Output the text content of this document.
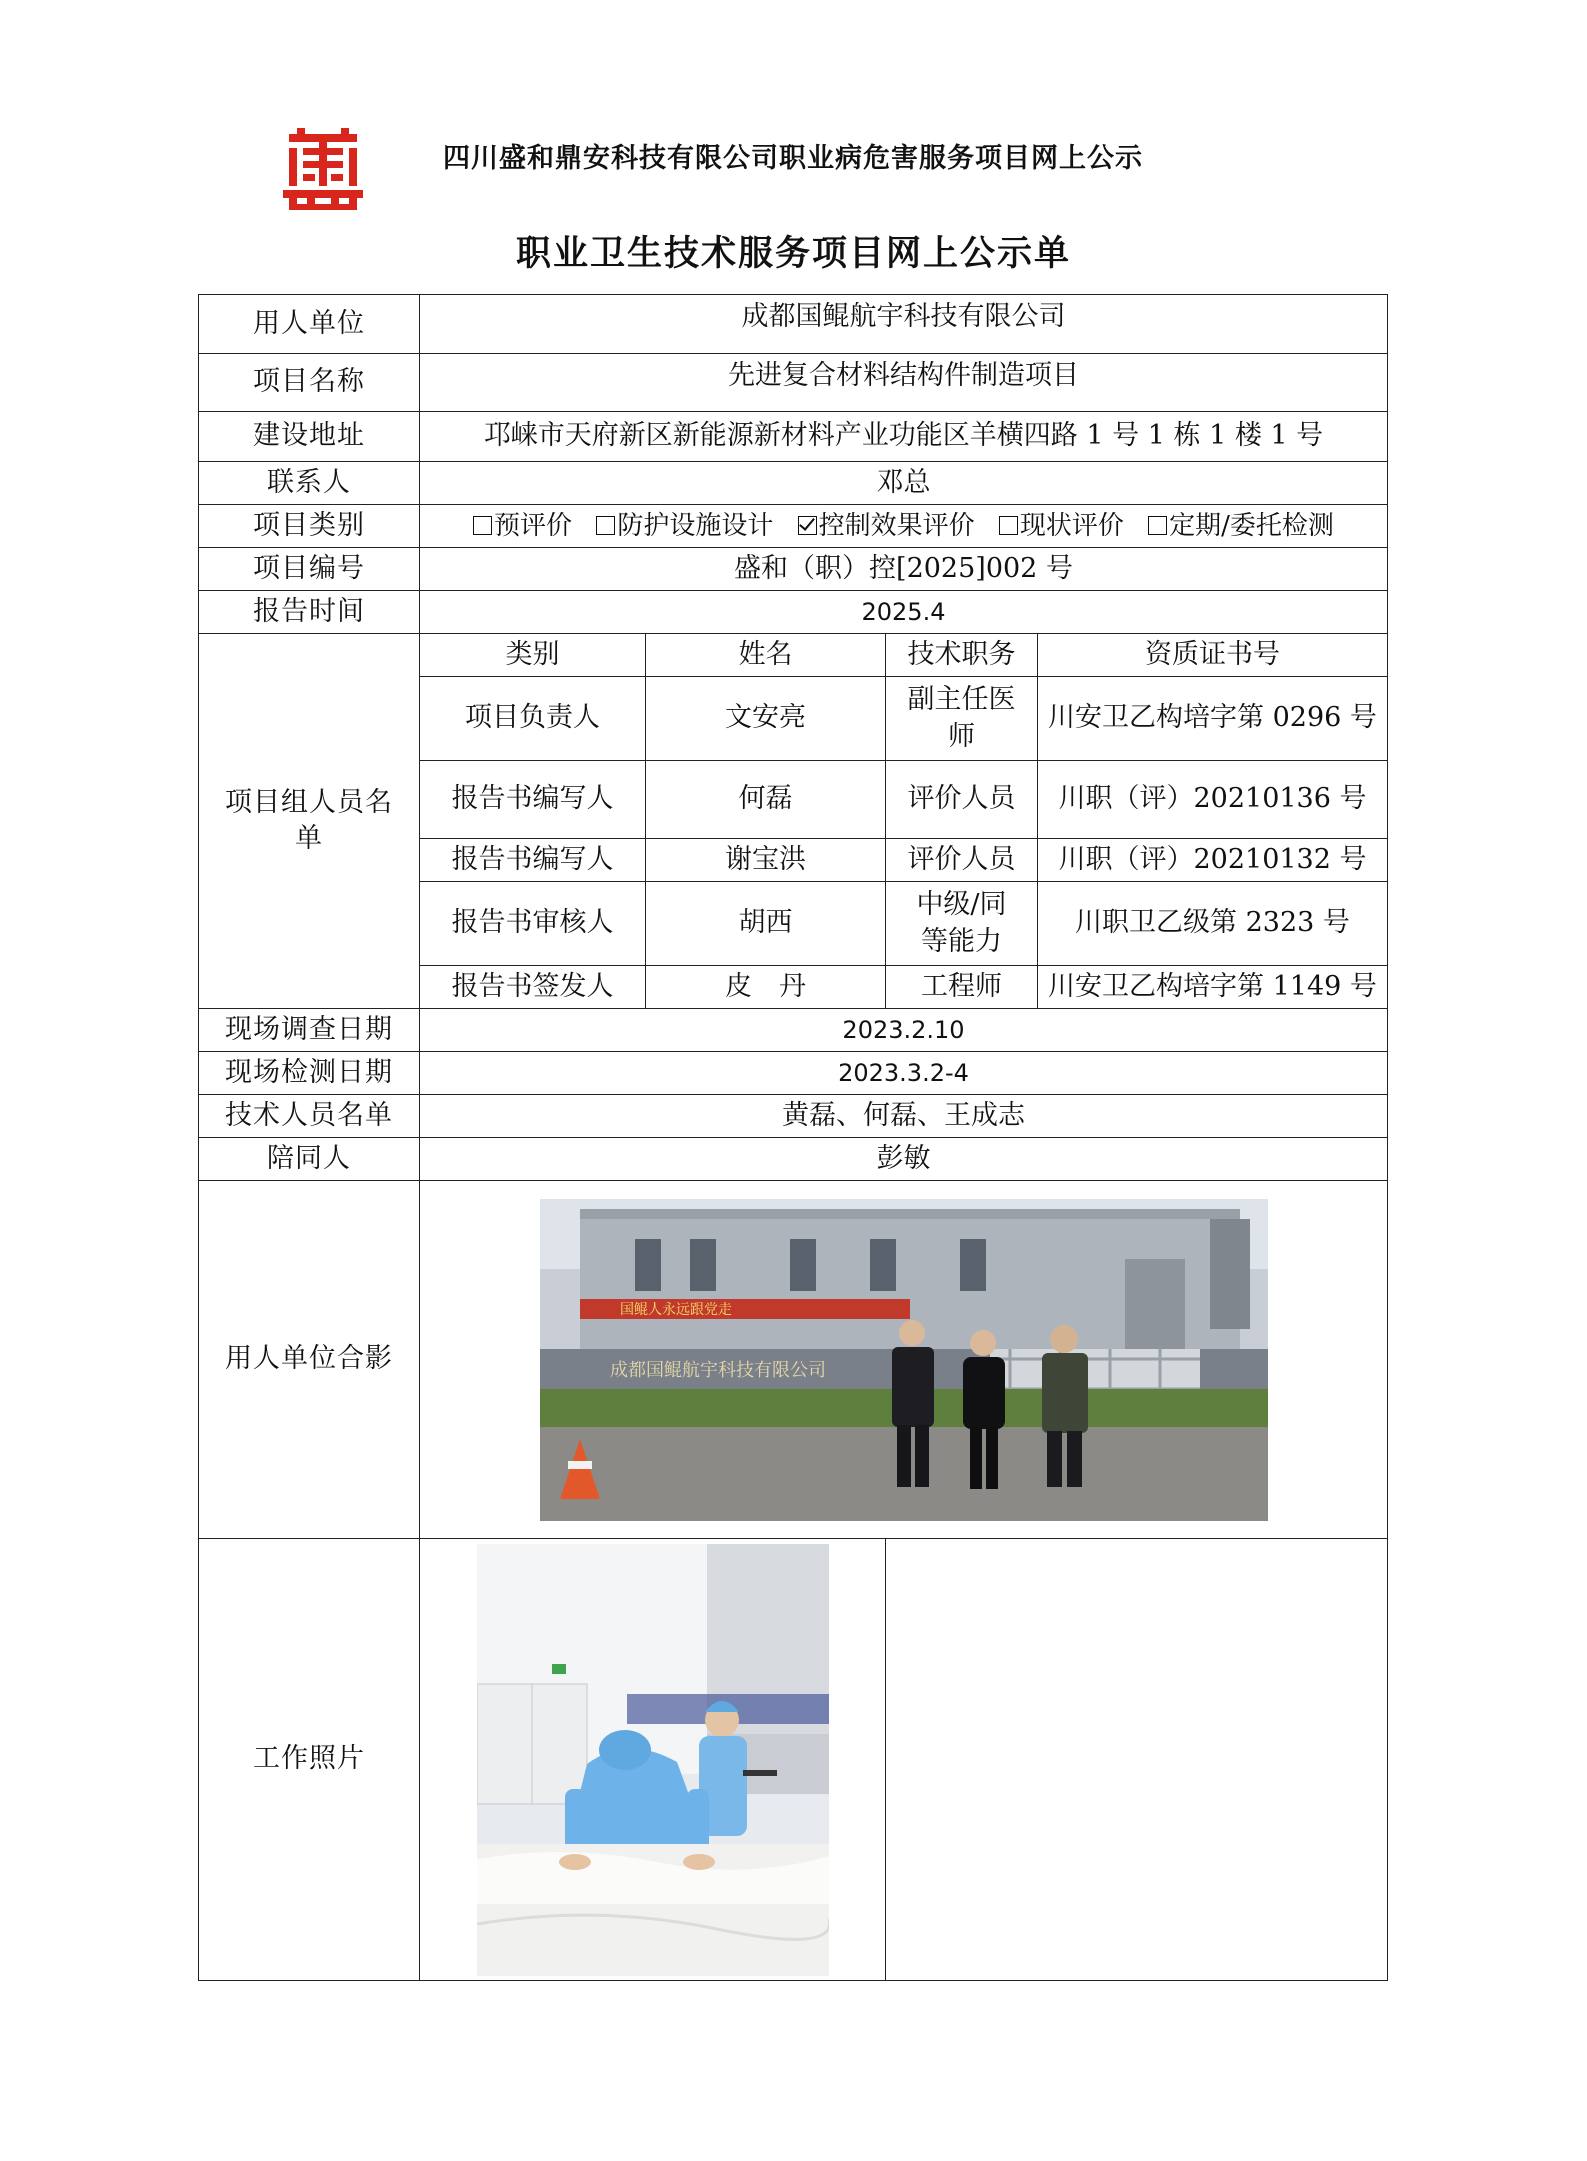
四川盛和鼎安科技有限公司职业病危害服务项目网上公示
职业卫生技术服务项目网上公示单
用人单位	成都国鲲航宇科技有限公司			
项目名称	先进复合材料结构件制造项目			
建设地址	邛崃市天府新区新能源新材料产业功能区羊横四路 1 号 1 栋 1 楼 1 号			
联系人	邓总			
项目类别	预评价 防护设施设计 控制效果评价 现状评价 定期/委托检测			
项目编号	盛和（职）控[2025]002 号			
报告时间	2025.4			

项目组人员名单	类别	姓名	技术职务	资质证书号
	项目负责人	文安亮	副主任医师	川安卫乙构培字第 0296 号
	报告书编写人	何磊	评价人员	川职（评）20210136 号
	报告书编写人	谢宝洪	评价人员	川职（评）20210132 号
	报告书审核人	胡西	中级/同等能力	川职卫乙级第 2323 号
	报告书签发人	皮　丹	工程师	川安卫乙构培字第 1149 号
现场调查日期	2023.2.10			
现场检测日期	2023.3.2-4			
技术人员名单	黄磊、何磊、王成志			
陪同人	彭敏			
用人单位合影	国鲲人永远跟党走
成都国鲲航宇科技有限公司			

工作照片	
